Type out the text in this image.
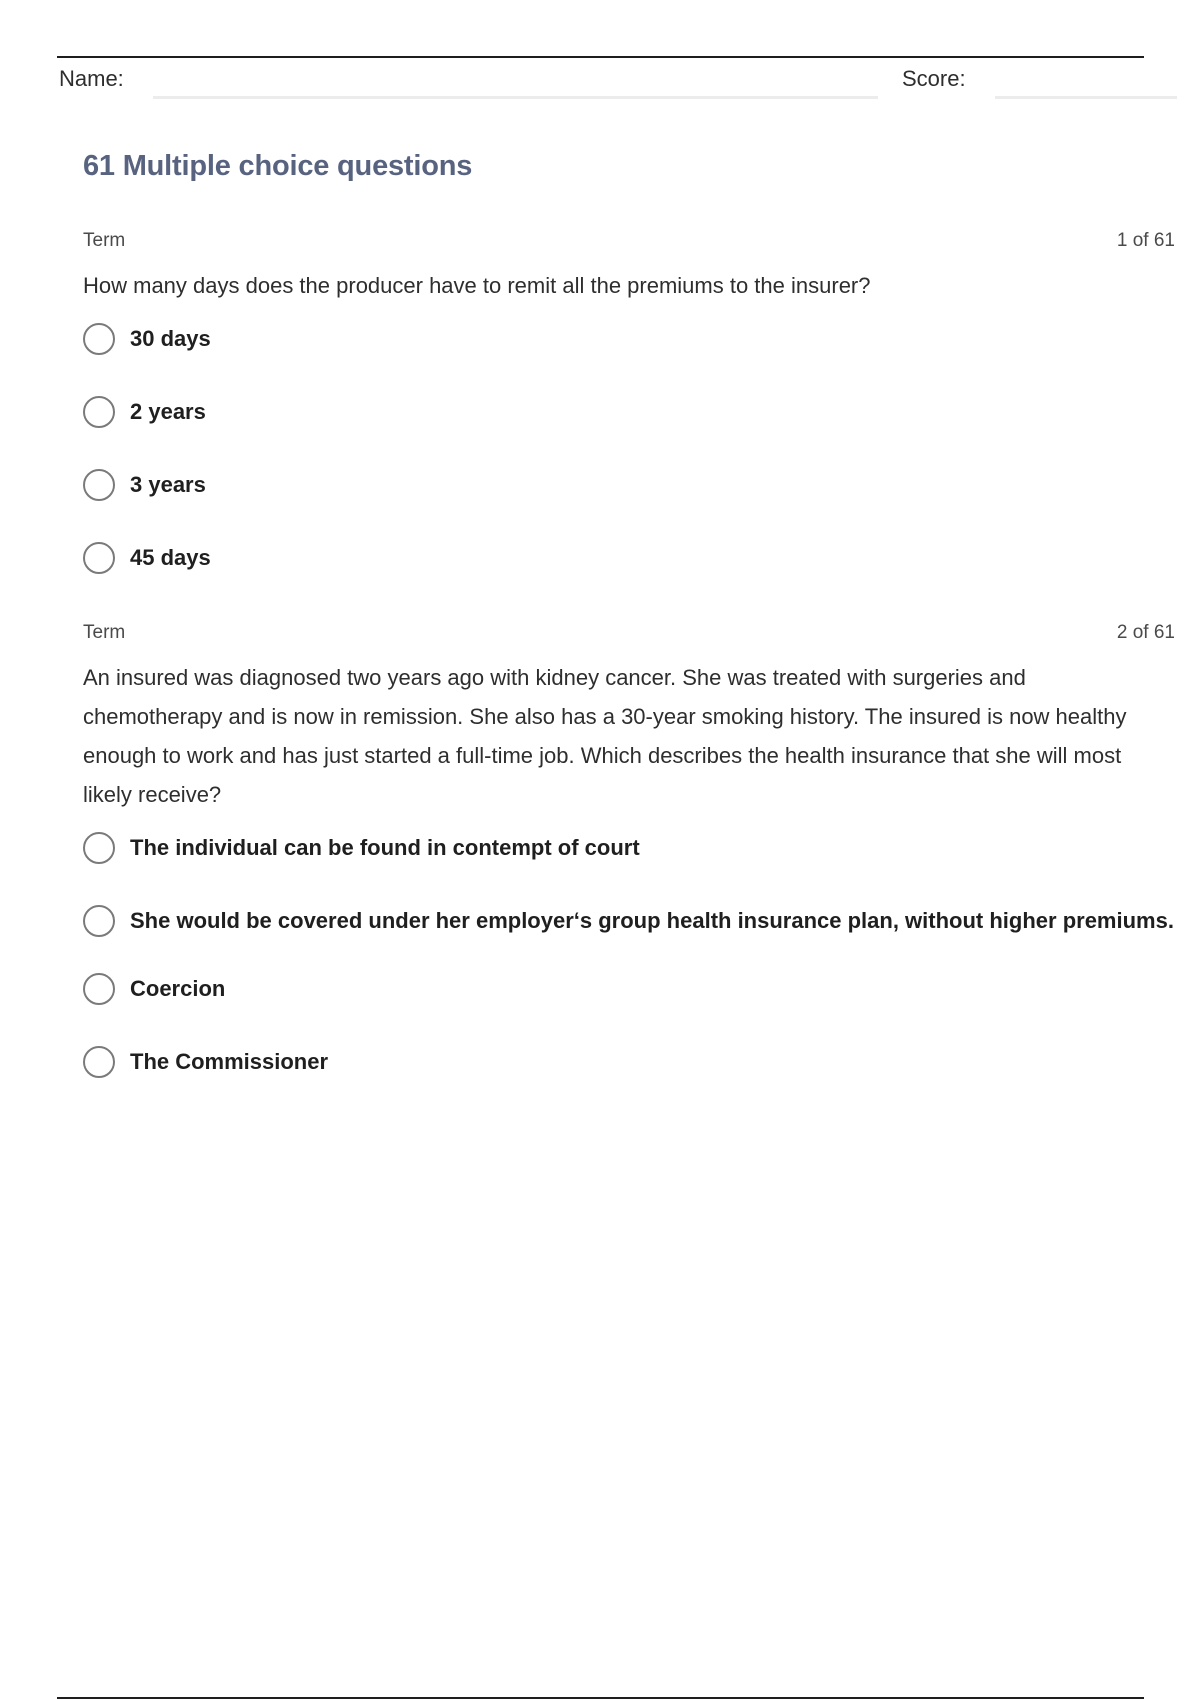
Name:	Score:
61 Multiple choice questions
Term	1 of 61

How many days does the producer have to remit all the premiums to the insurer?

30 days
2 years
3 years
45 days
Term	2 of 61

An insured was diagnosed two years ago with kidney cancer. She was treated with surgeries and chemotherapy and is now in remission. She also has a 30-year smoking history. The insured is now healthy enough to work and has just started a full-time job. Which describes the health insurance that she will most likely receive?

The individual can be found in contempt of court
She would be covered under her employer‘s group health insurance plan, without higher premiums.
Coercion
The Commissioner
